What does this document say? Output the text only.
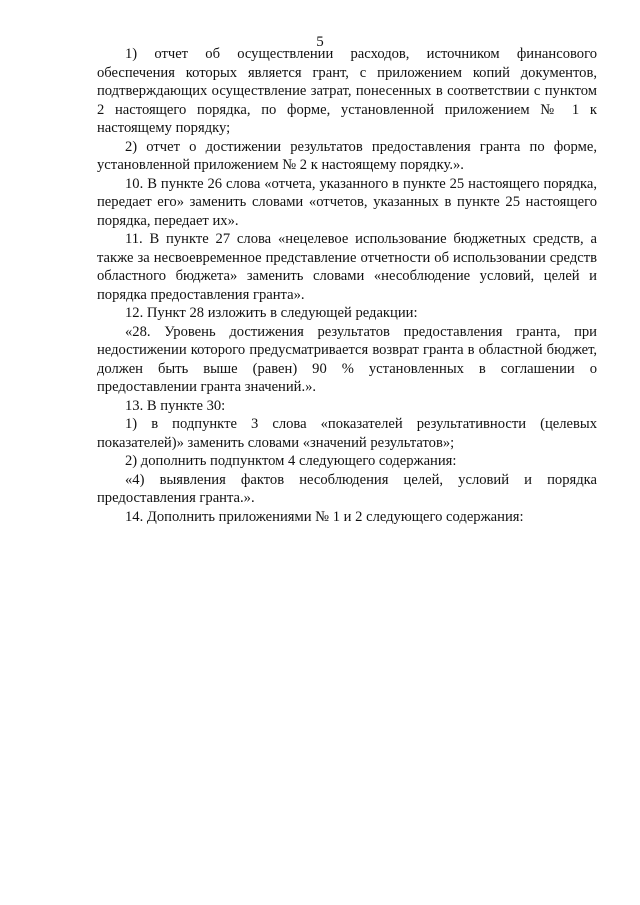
5

1) отчет об осуществлении расходов, источником финансового обеспечения которых является грант, с приложением копий документов, подтверждающих осуществление затрат, понесенных в соответствии с пунктом 2 настоящего порядка, по форме, установленной приложением № 1 к настоящему порядку;

2) отчет о достижении результатов предоставления гранта по форме, установленной приложением № 2 к настоящему порядку.».

10. В пункте 26 слова «отчета, указанного в пункте 25 настоящего порядка, передает его» заменить словами «отчетов, указанных в пункте 25 настоящего порядка, передает их».

11. В пункте 27 слова «нецелевое использование бюджетных средств, а также за несвоевременное представление отчетности об использовании средств областного бюджета» заменить словами «несоблюдение условий, целей и порядка предоставления гранта».

12. Пункт 28 изложить в следующей редакции:

«28. Уровень достижения результатов предоставления гранта, при недостижении которого предусматривается возврат гранта в областной бюджет, должен быть выше (равен) 90 % установленных в соглашении о предоставлении гранта значений.».

13. В пункте 30:

1) в подпункте 3 слова «показателей результативности (целевых показателей)» заменить словами «значений результатов»;

2) дополнить подпунктом 4 следующего содержания:

«4) выявления фактов несоблюдения целей, условий и порядка предоставления гранта.».

14. Дополнить приложениями № 1 и 2 следующего содержания:
